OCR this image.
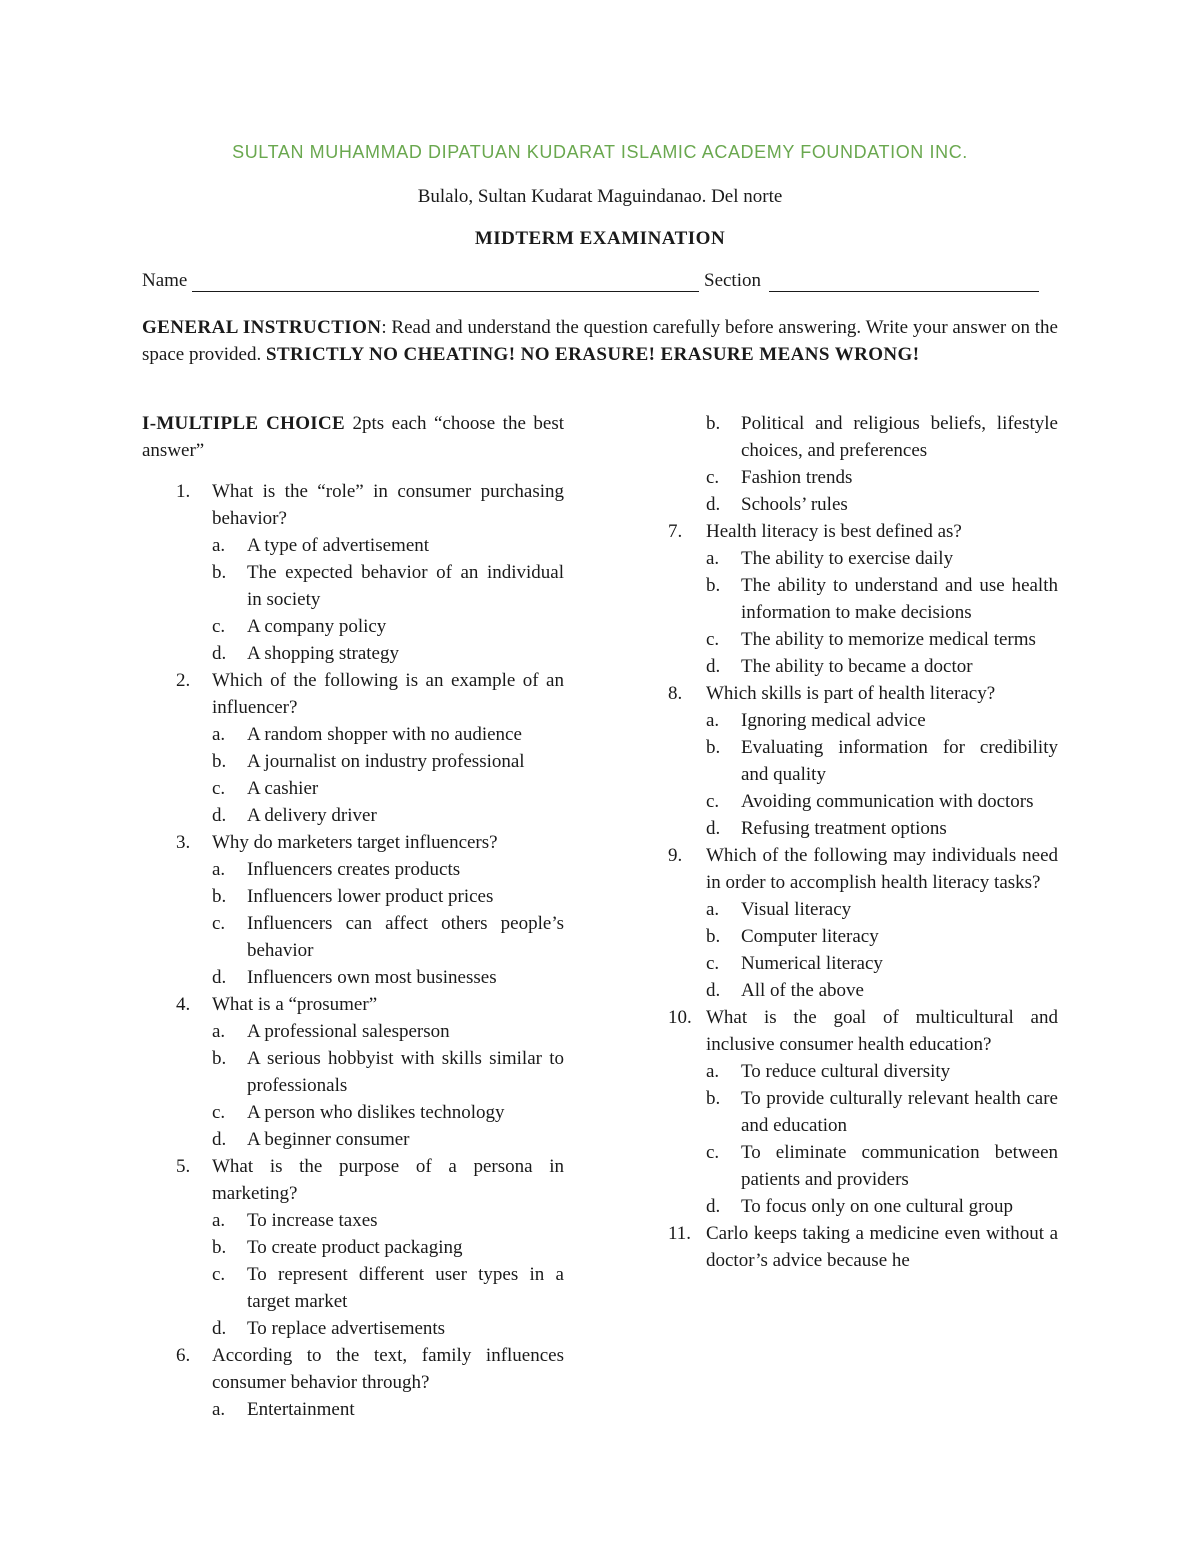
SULTAN MUHAMMAD DIPATUAN KUDARAT ISLAMIC ACADEMY FOUNDATION INC.
Bulalo, Sultan Kudarat Maguindanao. Del norte
MIDTERM EXAMINATION
Name	Section
GENERAL INSTRUCTION: Read and understand the question carefully before answering. Write your answer on the space provided. STRICTLY NO CHEATING! NO ERASURE! ERASURE MEANS WRONG!
I-MULTIPLE CHOICE 2pts each “choose the best answer”
1. What is the “role” in consumer purchasing behavior?
a. A type of advertisement
b. The expected behavior of an individual in society
c. A company policy
d. A shopping strategy
2. Which of the following is an example of an influencer?
a. A random shopper with no audience
b. A journalist on industry professional
c. A cashier
d. A delivery driver
3. Why do marketers target influencers?
a. Influencers creates products
b. Influencers lower product prices
c. Influencers can affect others people’s behavior
d. Influencers own most businesses
4. What is a “prosumer”
a. A professional salesperson
b. A serious hobbyist with skills similar to professionals
c. A person who dislikes technology
d. A beginner consumer
5. What is the purpose of a persona in marketing?
a. To increase taxes
b. To create product packaging
c. To represent different user types in a target market
d. To replace advertisements
6. According to the text, family influences consumer behavior through?
a. Entertainment
b. Political and religious beliefs, lifestyle choices, and preferences
c. Fashion trends
d. Schools’ rules
7. Health literacy is best defined as?
a. The ability to exercise daily
b. The ability to understand and use health information to make decisions
c. The ability to memorize medical terms
d. The ability to became a doctor
8. Which skills is part of health literacy?
a. Ignoring medical advice
b. Evaluating information for credibility and quality
c. Avoiding communication with doctors
d. Refusing treatment options
9. Which of the following may individuals need in order to accomplish health literacy tasks?
a. Visual literacy
b. Computer literacy
c. Numerical literacy
d. All of the above
10. What is the goal of multicultural and inclusive consumer health education?
a. To reduce cultural diversity
b. To provide culturally relevant health care and education
c. To eliminate communication between patients and providers
d. To focus only on one cultural group
11. Carlo keeps taking a medicine even without a doctor’s advice because he
